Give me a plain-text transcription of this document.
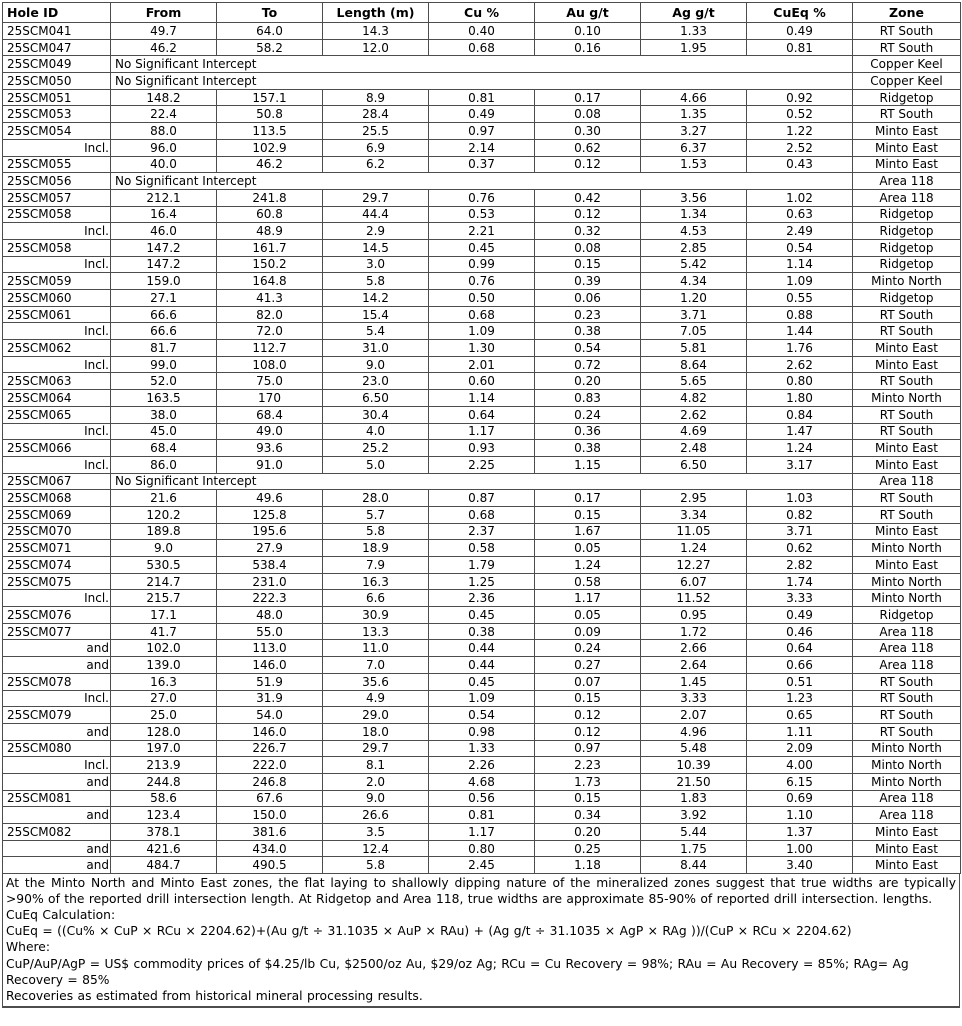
Hole ID	From	To	Length (m)	Cu %	Au g/t	Ag g/t	CuEq %	Zone
25SCM041	49.7	64.0	14.3	0.40	0.10	1.33	0.49	RT South
25SCM047	46.2	58.2	12.0	0.68	0.16	1.95	0.81	RT South
25SCM049	No Significant Intercept							Copper Keel
25SCM050	No Significant Intercept							Copper Keel
25SCM051	148.2	157.1	8.9	0.81	0.17	4.66	0.92	Ridgetop
25SCM053	22.4	50.8	28.4	0.49	0.08	1.35	0.52	RT South
25SCM054	88.0	113.5	25.5	0.97	0.30	3.27	1.22	Minto East
Incl.	96.0	102.9	6.9	2.14	0.62	6.37	2.52	Minto East
25SCM055	40.0	46.2	6.2	0.37	0.12	1.53	0.43	Minto East
25SCM056	No Significant Intercept							Area 118
25SCM057	212.1	241.8	29.7	0.76	0.42	3.56	1.02	Area 118
25SCM058	16.4	60.8	44.4	0.53	0.12	1.34	0.63	Ridgetop
Incl.	46.0	48.9	2.9	2.21	0.32	4.53	2.49	Ridgetop
25SCM058	147.2	161.7	14.5	0.45	0.08	2.85	0.54	Ridgetop
Incl.	147.2	150.2	3.0	0.99	0.15	5.42	1.14	Ridgetop
25SCM059	159.0	164.8	5.8	0.76	0.39	4.34	1.09	Minto North
25SCM060	27.1	41.3	14.2	0.50	0.06	1.20	0.55	Ridgetop
25SCM061	66.6	82.0	15.4	0.68	0.23	3.71	0.88	RT South
Incl.	66.6	72.0	5.4	1.09	0.38	7.05	1.44	RT South
25SCM062	81.7	112.7	31.0	1.30	0.54	5.81	1.76	Minto East
Incl.	99.0	108.0	9.0	2.01	0.72	8.64	2.62	Minto East
25SCM063	52.0	75.0	23.0	0.60	0.20	5.65	0.80	RT South
25SCM064	163.5	170	6.50	1.14	0.83	4.82	1.80	Minto North
25SCM065	38.0	68.4	30.4	0.64	0.24	2.62	0.84	RT South
Incl.	45.0	49.0	4.0	1.17	0.36	4.69	1.47	RT South
25SCM066	68.4	93.6	25.2	0.93	0.38	2.48	1.24	Minto East
Incl.	86.0	91.0	5.0	2.25	1.15	6.50	3.17	Minto East
25SCM067	No Significant Intercept							Area 118
25SCM068	21.6	49.6	28.0	0.87	0.17	2.95	1.03	RT South
25SCM069	120.2	125.8	5.7	0.68	0.15	3.34	0.82	RT South
25SCM070	189.8	195.6	5.8	2.37	1.67	11.05	3.71	Minto East
25SCM071	9.0	27.9	18.9	0.58	0.05	1.24	0.62	Minto North
25SCM074	530.5	538.4	7.9	1.79	1.24	12.27	2.82	Minto East
25SCM075	214.7	231.0	16.3	1.25	0.58	6.07	1.74	Minto North
Incl.	215.7	222.3	6.6	2.36	1.17	11.52	3.33	Minto North
25SCM076	17.1	48.0	30.9	0.45	0.05	0.95	0.49	Ridgetop
25SCM077	41.7	55.0	13.3	0.38	0.09	1.72	0.46	Area 118
and	102.0	113.0	11.0	0.44	0.24	2.66	0.64	Area 118
and	139.0	146.0	7.0	0.44	0.27	2.64	0.66	Area 118
25SCM078	16.3	51.9	35.6	0.45	0.07	1.45	0.51	RT South
Incl.	27.0	31.9	4.9	1.09	0.15	3.33	1.23	RT South
25SCM079	25.0	54.0	29.0	0.54	0.12	2.07	0.65	RT South
and	128.0	146.0	18.0	0.98	0.12	4.96	1.11	RT South
25SCM080	197.0	226.7	29.7	1.33	0.97	5.48	2.09	Minto North
Incl.	213.9	222.0	8.1	2.26	2.23	10.39	4.00	Minto North
and	244.8	246.8	2.0	4.68	1.73	21.50	6.15	Minto North
25SCM081	58.6	67.6	9.0	0.56	0.15	1.83	0.69	Area 118
and	123.4	150.0	26.6	0.81	0.34	3.92	1.10	Area 118
25SCM082	378.1	381.6	3.5	1.17	0.20	5.44	1.37	Minto East
and	421.6	434.0	12.4	0.80	0.25	1.75	1.00	Minto East
and	484.7	490.5	5.8	2.45	1.18	8.44	3.40	Minto East

At the Minto North and Minto East zones, the flat laying to shallowly dipping nature of the mineralized zones suggest that true widths are typically >90% of the reported drill intersection length. At Ridgetop and Area 118, true widths are approximate 85-90% of reported drill intersection. lengths.

CuEq Calculation:

CuEq = ((Cu% × CuP × RCu × 2204.62)+(Au g/t ÷ 31.1035 × AuP × RAu) + (Ag g/t ÷ 31.1035 × AgP × RAg ))/(CuP × RCu × 2204.62)

Where:

CuP/AuP/AgP = US$ commodity prices of $4.25/lb Cu, $2500/oz Au, $29/oz Ag; RCu = Cu Recovery = 98%; RAu = Au Recovery = 85%; RAg= Ag Recovery = 85%

Recoveries as estimated from historical mineral processing results.
